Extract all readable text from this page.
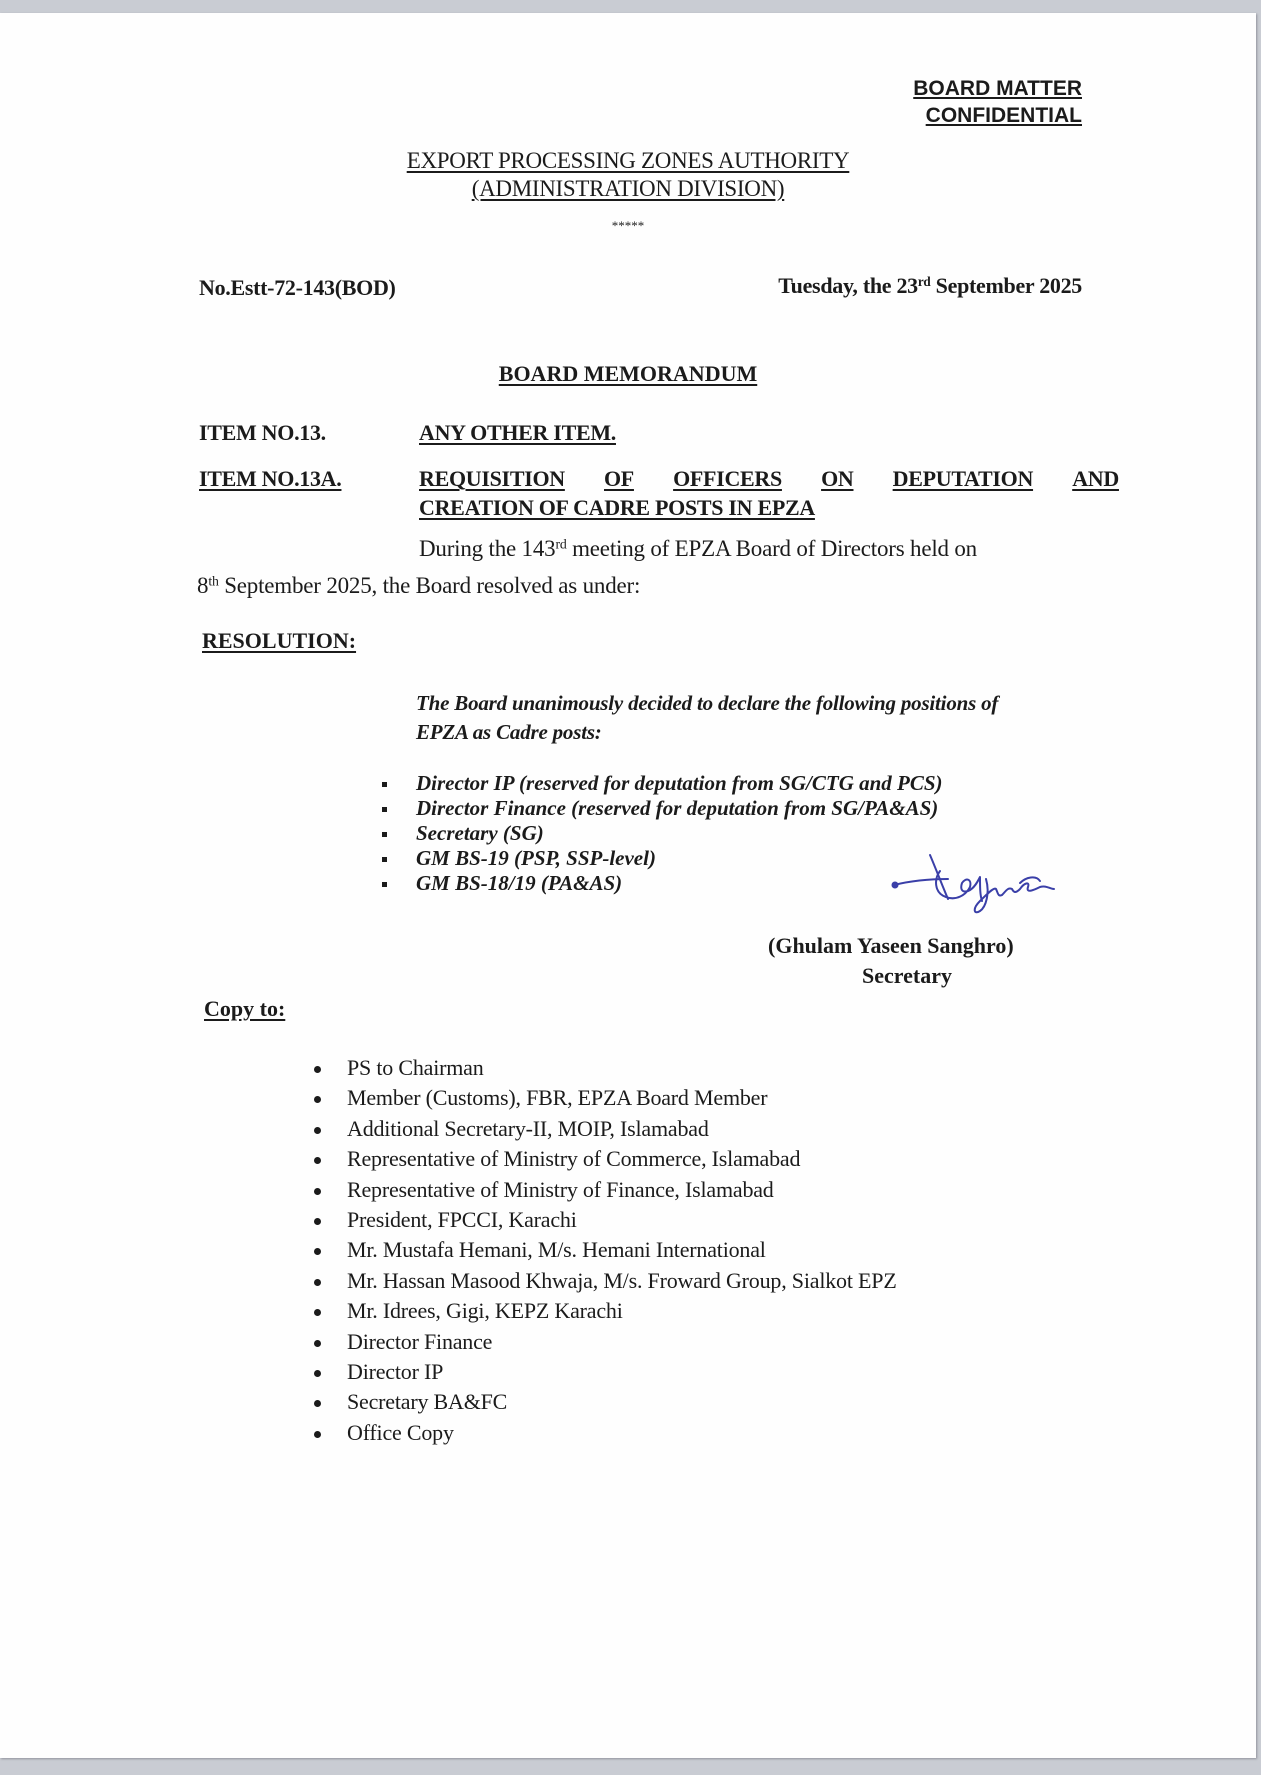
BOARD MATTER
CONFIDENTIAL
EXPORT PROCESSING ZONES AUTHORITY
(ADMINISTRATION DIVISION)
*****
No.Estt-72-143(BOD)	Tuesday, the 23rd September 2025
BOARD MEMORANDUM
ITEM NO.13.	ANY OTHER ITEM.
ITEM NO.13A.	REQUISITION OF OFFICERS ON DEPUTATION AND
CREATION OF CADRE POSTS IN EPZA
During the 143rd meeting of EPZA Board of Directors held on
8th September 2025, the Board resolved as under:
RESOLUTION:
The Board unanimously decided to declare the following positions of
EPZA as Cadre posts:
Director IP (reserved for deputation from SG/CTG and PCS)
Director Finance (reserved for deputation from SG/PA&AS)
Secretary (SG)
GM BS-19 (PSP, SSP-level)
GM BS-18/19 (PA&AS)
(Ghulam Yaseen Sanghro)
Secretary
Copy to:
PS to Chairman
Member (Customs), FBR, EPZA Board Member
Additional Secretary-II, MOIP, Islamabad
Representative of Ministry of Commerce, Islamabad
Representative of Ministry of Finance, Islamabad
President, FPCCI, Karachi
Mr. Mustafa Hemani, M/s. Hemani International
Mr. Hassan Masood Khwaja, M/s. Froward Group, Sialkot EPZ
Mr. Idrees, Gigi, KEPZ Karachi
Director Finance
Director IP
Secretary BA&FC
Office Copy
